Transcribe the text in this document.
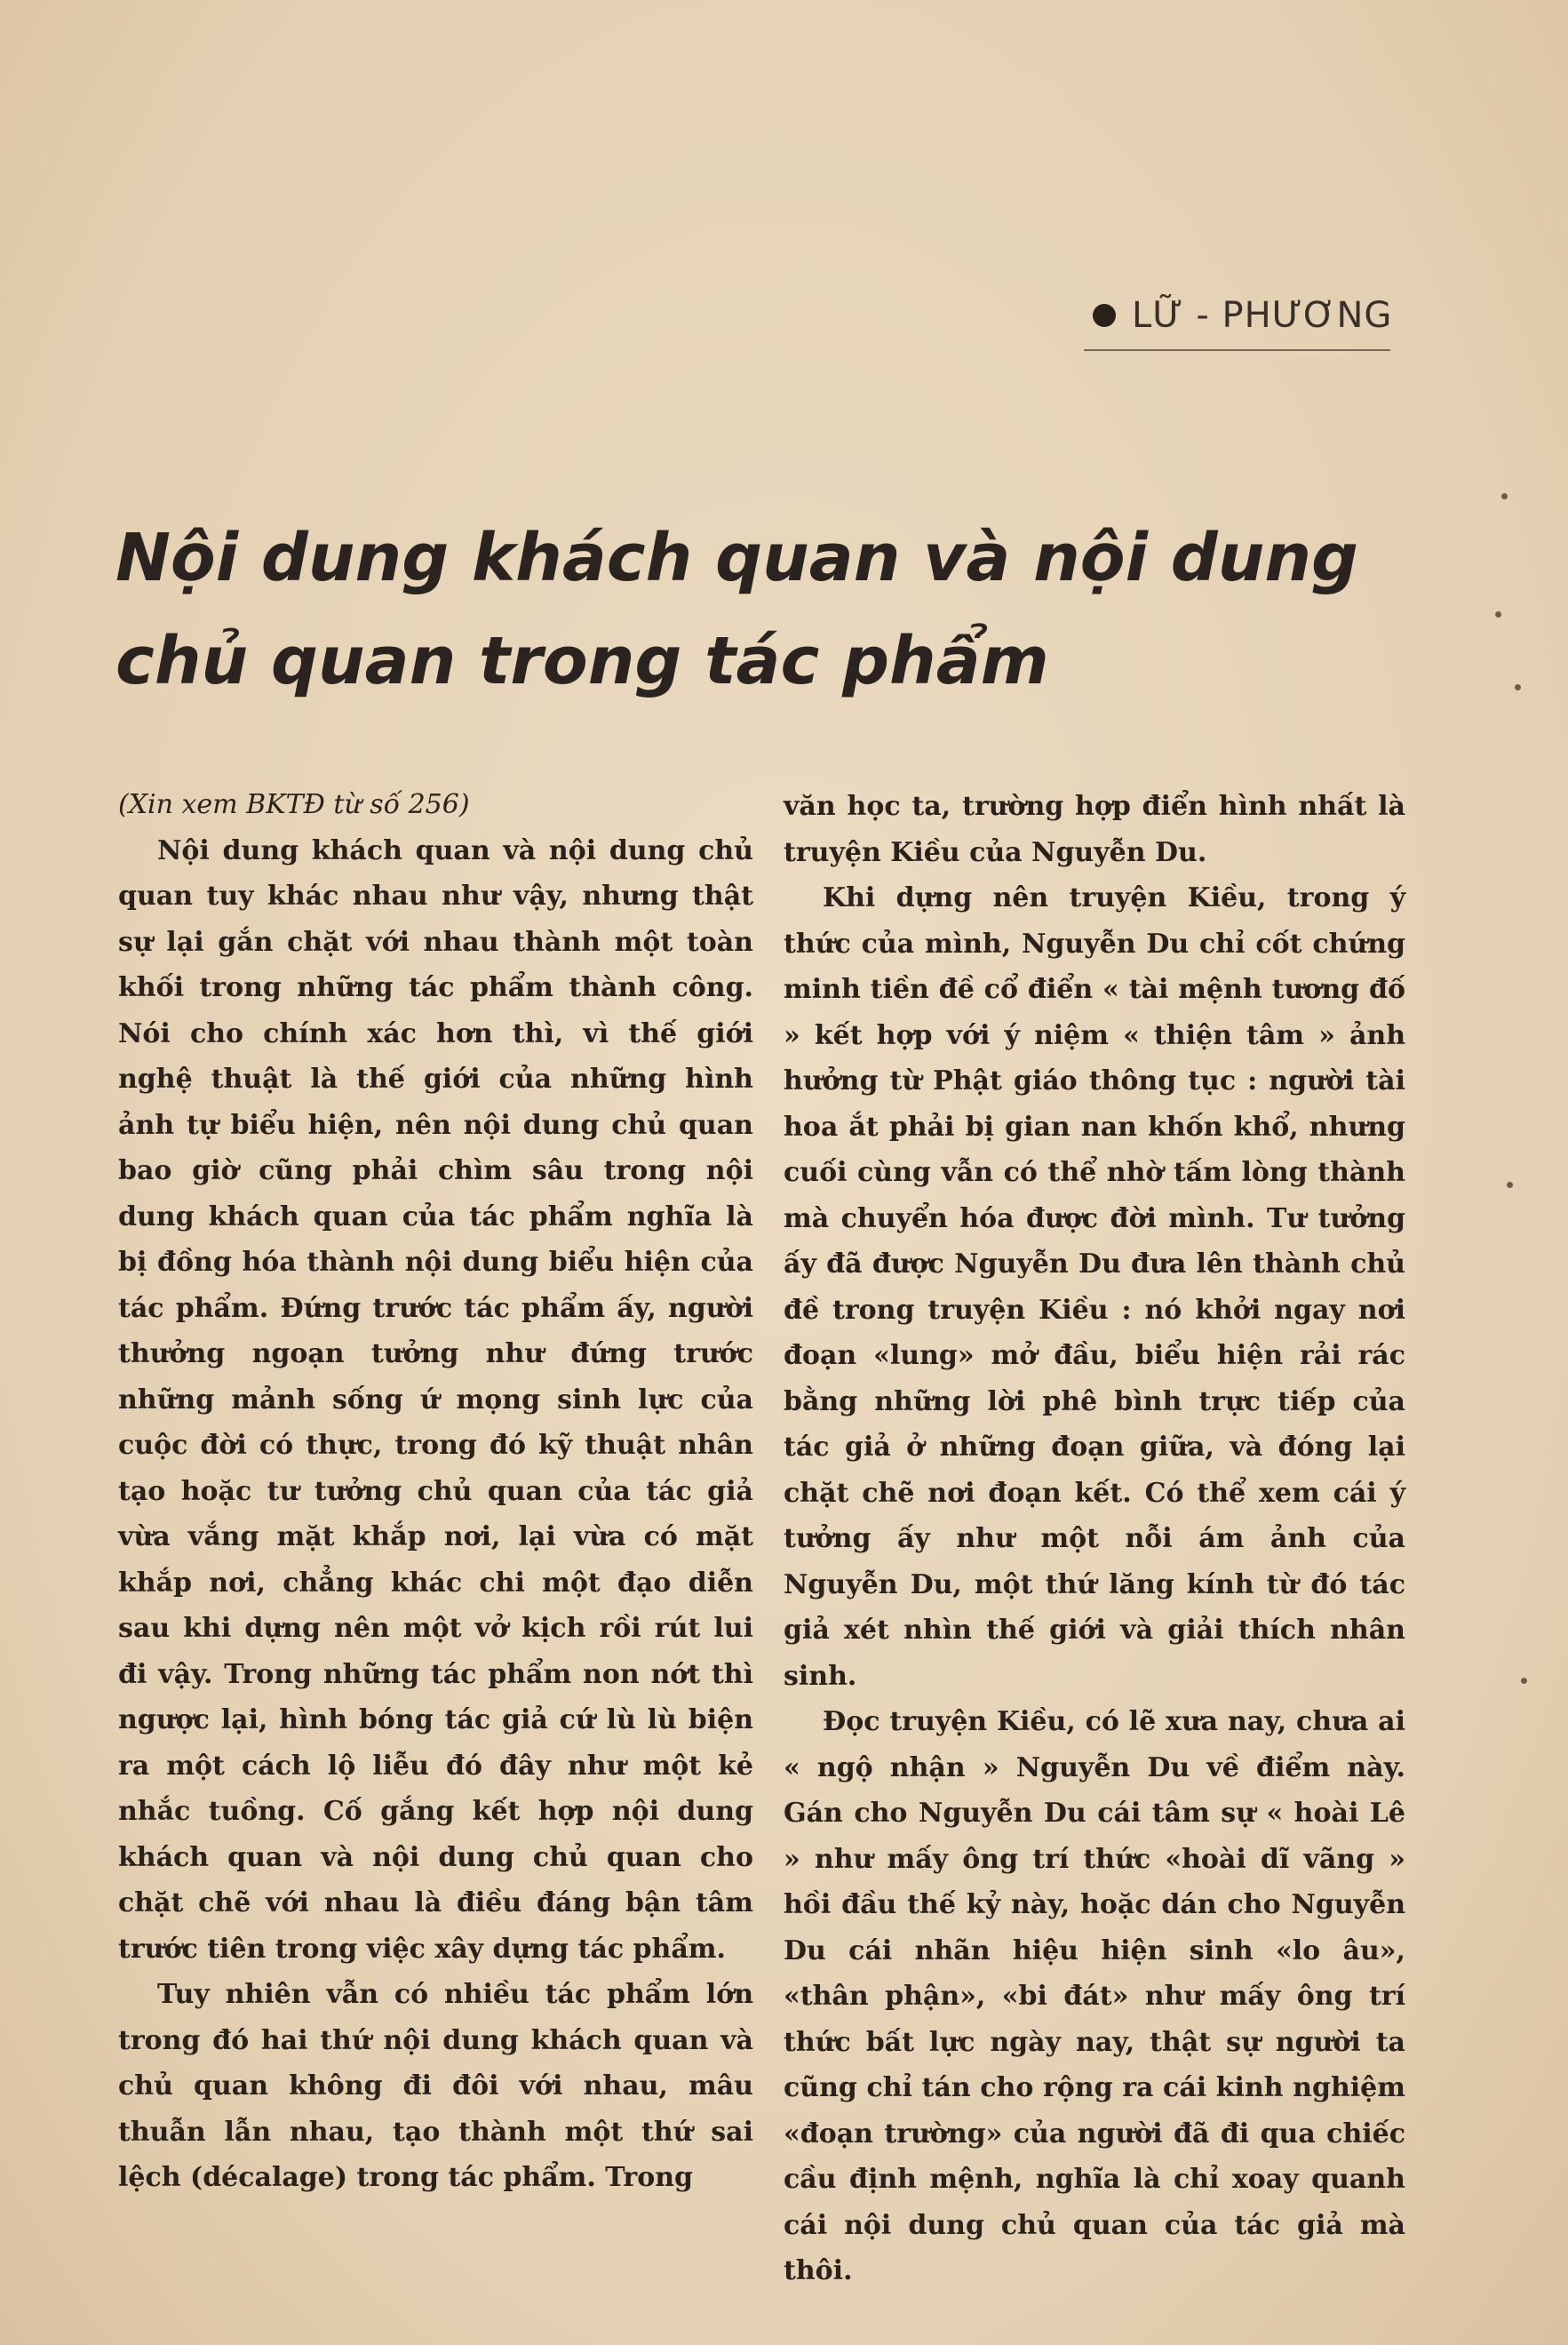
LỮ - PHƯƠNG
Nội dung khách quan và nội dung
chủ quan trong tác phẩm

(Xin xem BKTĐ từ số 256)

Nội dung khách quan và nội dung chủ quan tuy khác nhau như vậy, nhưng thật sự lại gắn chặt với nhau thành một toàn khối trong những tác phẩm thành công. Nói cho chính xác hơn thì, vì thế giới nghệ thuật là thế giới của những hình ảnh tự biểu hiện, nên nội dung chủ quan bao giờ cũng phải chìm sâu trong nội dung khách quan của tác phẩm nghĩa là bị đồng hóa thành nội dung biểu hiện của tác phẩm. Đứng trước tác phẩm ấy, người thưởng ngoạn tưởng như đứng trước những mảnh sống ứ mọng sinh lực của cuộc đời có thực, trong đó kỹ thuật nhân tạo hoặc tư tưởng chủ quan của tác giả vừa vắng mặt khắp nơi, lại vừa có mặt khắp nơi, chẳng khác chi một đạo diễn sau khi dựng nên một vở kịch rồi rút lui đi vậy. Trong những tác phẩm non nớt thì ngược lại, hình bóng tác giả cứ lù lù biện ra một cách lộ liễu đó đây như một kẻ nhắc tuồng. Cố gắng kết hợp nội dung khách quan và nội dung chủ quan cho chặt chẽ với nhau là điều đáng bận tâm trước tiên trong việc xây dựng tác phẩm.

Tuy nhiên vẫn có nhiều tác phẩm lớn trong đó hai thứ nội dung khách quan và chủ quan không đi đôi với nhau, mâu thuẫn lẫn nhau, tạo thành một thứ sai lệch (décalage) trong tác phẩm. Trong

văn học ta, trường hợp điển hình nhất là truyện Kiều của Nguyễn Du.

Khi dựng nên truyện Kiều, trong ý thức của mình, Nguyễn Du chỉ cốt chứng minh tiền đề cổ điển « tài mệnh tương đố » kết hợp với ý niệm « thiện tâm » ảnh hưởng từ Phật giáo thông tục : người tài hoa ắt phải bị gian nan khốn khổ, nhưng cuối cùng vẫn có thể nhờ tấm lòng thành mà chuyển hóa được đời mình. Tư tưởng ấy đã được Nguyễn Du đưa lên thành chủ đề trong truyện Kiều : nó khởi ngay nơi đoạn «lung» mở đầu, biểu hiện rải rác bằng những lời phê bình trực tiếp của tác giả ở những đoạn giữa, và đóng lại chặt chẽ nơi đoạn kết. Có thể xem cái ý tưởng ấy như một nỗi ám ảnh của Nguyễn Du, một thứ lăng kính từ đó tác giả xét nhìn thế giới và giải thích nhân sinh.

Đọc truyện Kiều, có lẽ xưa nay, chưa ai « ngộ nhận » Nguyễn Du về điểm này. Gán cho Nguyễn Du cái tâm sự « hoài Lê » như mấy ông trí thức «hoài dĩ vãng » hồi đầu thế kỷ này, hoặc dán cho Nguyễn Du cái nhãn hiệu hiện sinh «lo âu», «thân phận», «bi đát» như mấy ông trí thức bất lực ngày nay, thật sự người ta cũng chỉ tán cho rộng ra cái kinh nghiệm «đoạn trường» của người đã đi qua chiếc cầu định mệnh, nghĩa là chỉ xoay quanh cái nội dung chủ quan của tác giả mà thôi.
